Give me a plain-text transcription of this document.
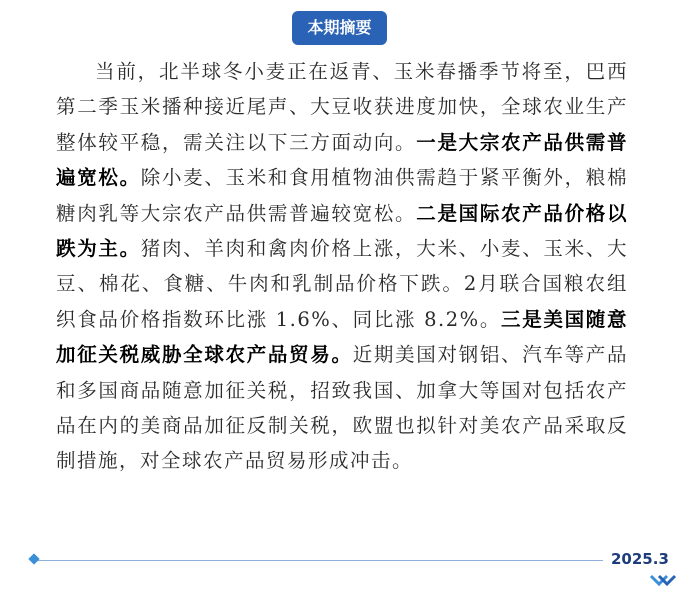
本期摘要

当前，北半球冬小麦正在返青、玉米春播季节将至，巴西第二季玉米播种接近尾声、大豆收获进度加快，全球农业生产整体较平稳，需关注以下三方面动向。一是大宗农产品供需普遍宽松。除小麦、玉米和食用植物油供需趋于紧平衡外，粮棉糖肉乳等大宗农产品供需普遍较宽松。二是国际农产品价格以跌为主。猪肉、羊肉和禽肉价格上涨，大米、小麦、玉米、大豆、棉花、食糖、牛肉和乳制品价格下跌。2月联合国粮农组织食品价格指数环比涨 1.6%、同比涨 8.2%。三是美国随意加征关税威胁全球农产品贸易。近期美国对钢铝、汽车等产品和多国商品随意加征关税，招致我国、加拿大等国对包括农产品在内的美商品加征反制关税，欧盟也拟针对美农产品采取反制措施，对全球农产品贸易形成冲击。

2025.3
